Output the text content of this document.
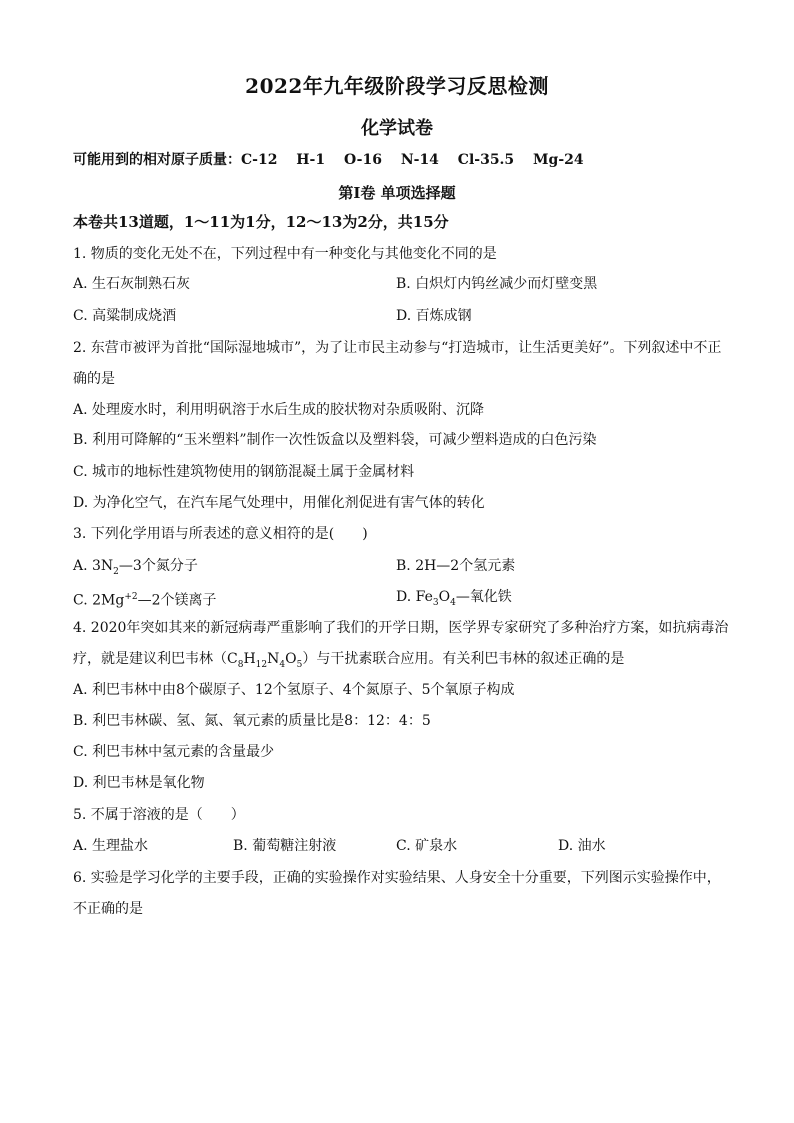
2022年九年级阶段学习反思检测
化学试卷
可能用到的相对原子质量：C-12　 H-1　 O-16　 N-14　 Cl-35.5　 Mg-24
第Ⅰ卷 单项选择题
本卷共13道题，1～11为1分，12～13为2分，共15分
1. 物质的变化无处不在，下列过程中有一种变化与其他变化不同的是
A. 生石灰制熟石灰	B. 白炽灯内钨丝减少而灯壁变黑
C. 高粱制成烧酒	D. 百炼成钢
2. 东营市被评为首批“国际湿地城市”，为了让市民主动参与“打造城市，让生活更美好”。下列叙述中不正
确的是
A. 处理废水时，利用明矾溶于水后生成的胶状物对杂质吸附、沉降
B. 利用可降解的“玉米塑料”制作一次性饭盒以及塑料袋，可减少塑料造成的白色污染
C. 城市的地标性建筑物使用的钢筋混凝土属于金属材料
D. 为净化空气，在汽车尾气处理中，用催化剂促进有害气体的转化
3. 下列化学用语与所表述的意义相符的是(　　)
A. $3N_2—3$个氮分子	B. 2H—2个氢元素
C. $2Mg^{+2}—2$个镁离子	D. $Fe_3O_4—$氧化铁
4. 2020年突如其来的新冠病毒严重影响了我们的开学日期，医学界专家研究了多种治疗方案，如抗病毒治
疗，就是建议利巴韦林$(C_8H_{12}N_4O_5)$与干扰素联合应用。有关利巴韦林的叙述正确的是
A. 利巴韦林中由8个碳原子、12个氢原子、4个氮原子、5个氧原子构成
B. 利巴韦林碳、氢、氮、氧元素的质量比是8：12：4：5
C. 利巴韦林中氢元素的含量最少
D. 利巴韦林是氧化物
5. 不属于溶液的是（　　）
A. 生理盐水	B. 葡萄糖注射液	C. 矿泉水	D. 油水
6. 实验是学习化学的主要手段，正确的实验操作对实验结果、人身安全十分重要，下列图示实验操作中，
不正确的是
